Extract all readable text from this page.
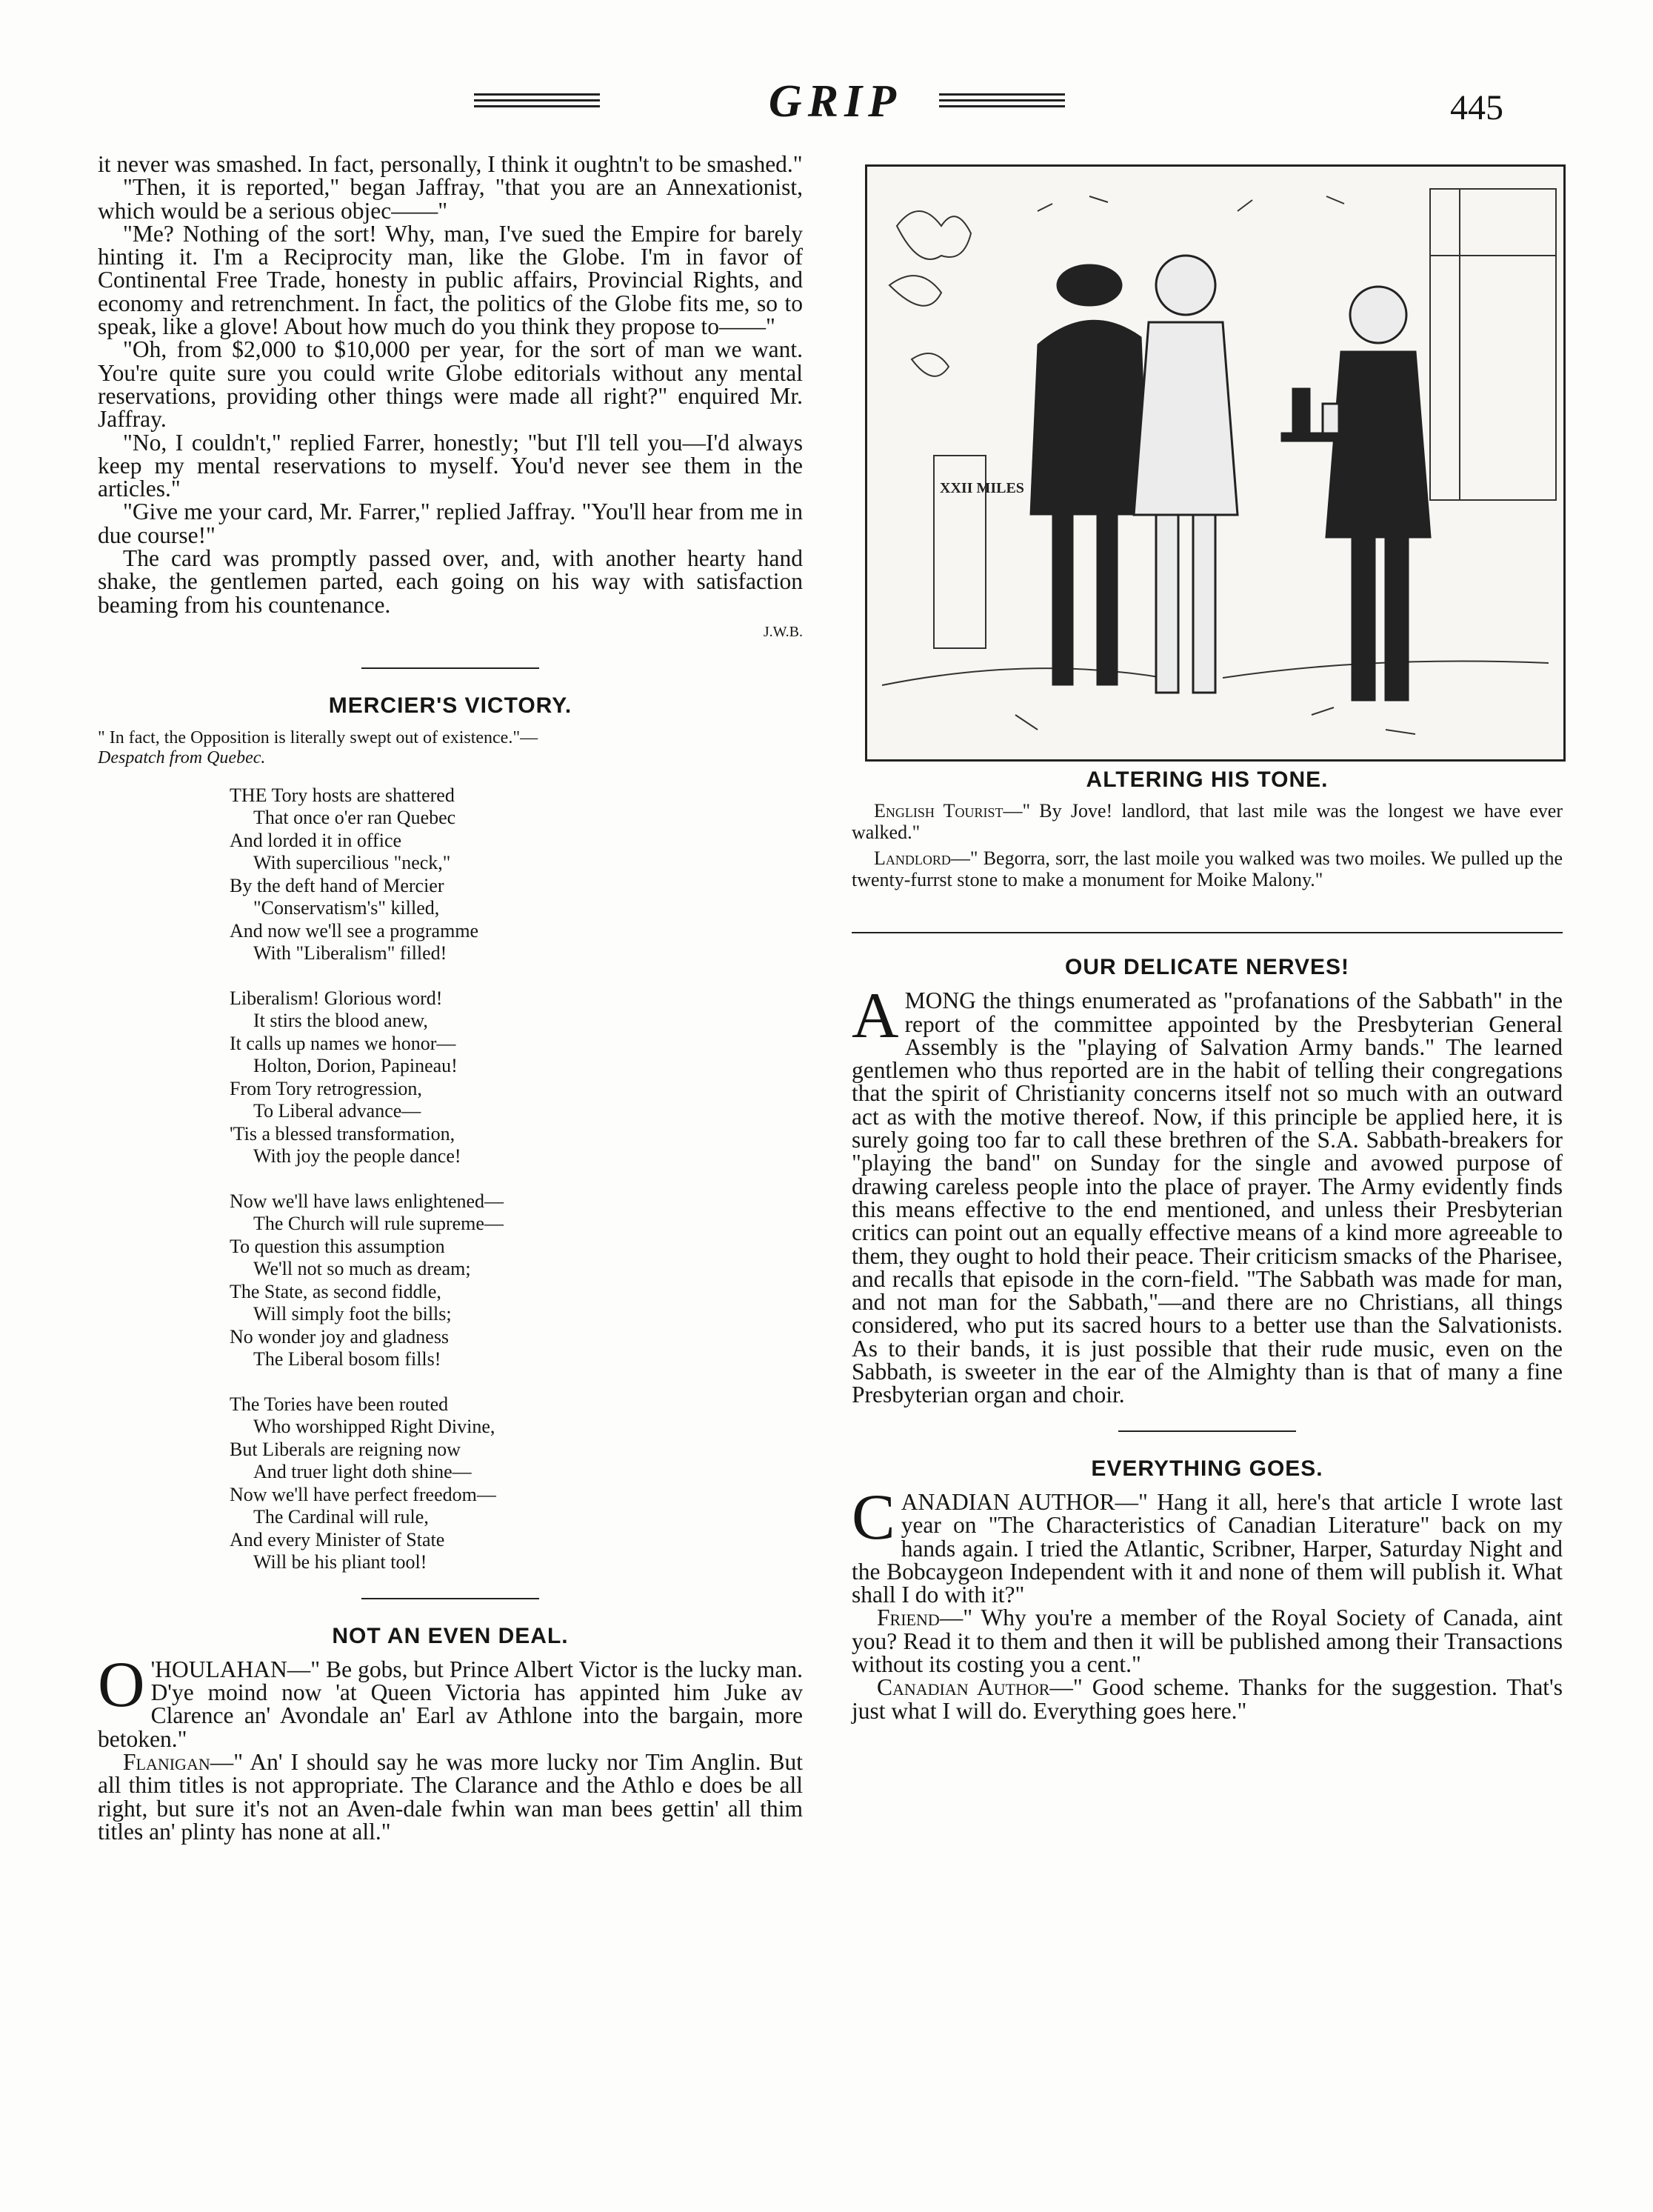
GRIP	445

it never was smashed. In fact, personally, I think it oughtn't to be smashed."

"Then, it is reported," began Jaffray, "that you are an Annexationist, which would be a serious objec——"

"Me? Nothing of the sort! Why, man, I've sued the Empire for barely hinting it. I'm a Reciprocity man, like the Globe. I'm in favor of Continental Free Trade, honesty in public affairs, Provincial Rights, and economy and retrenchment. In fact, the politics of the Globe fits me, so to speak, like a glove! About how much do you think they propose to——"

"Oh, from $2,000 to $10,000 per year, for the sort of man we want. You're quite sure you could write Globe editorials without any mental reservations, providing other things were made all right?" enquired Mr. Jaffray.

"No, I couldn't," replied Farrer, honestly; "but I'll tell you—I'd always keep my mental reservations to myself. You'd never see them in the articles."

"Give me your card, Mr. Farrer," replied Jaffray. "You'll hear from me in due course!"

The card was promptly passed over, and, with another hearty hand shake, the gentlemen parted, each going on his way with satisfaction beaming from his countenance.

J.W.B.
MERCIER'S VICTORY.
" In fact, the Opposition is literally swept out of existence."—
Despatch from Quebec.
THE Tory hosts are shattered
That once o'er ran Quebec
And lorded it in office
With supercilious "neck,"
By the deft hand of Mercier
"Conservatism's" killed,
And now we'll see a programme
With "Liberalism" filled!
Liberalism! Glorious word!
It stirs the blood anew,
It calls up names we honor—
Holton, Dorion, Papineau!
From Tory retrogression,
To Liberal advance—
'Tis a blessed transformation,
With joy the people dance!
Now we'll have laws enlightened—
The Church will rule supreme—
To question this assumption
We'll not so much as dream;
The State, as second fiddle,
Will simply foot the bills;
No wonder joy and gladness
The Liberal bosom fills!
The Tories have been routed
Who worshipped Right Divine,
But Liberals are reigning now
And truer light doth shine—
Now we'll have perfect freedom—
The Cardinal will rule,
And every Minister of State
Will be his pliant tool!
NOT AN EVEN DEAL.

O 'HOULAHAN—" Be gobs, but Prince Albert Victor is the lucky man. D'ye moind now 'at Queen Victoria has appinted him Juke av Clarence an' Avondale an' Earl av Athlone into the bargain, more betoken."

Flanigan—" An' I should say he was more lucky nor Tim Anglin. But all thim titles is not appropriate. The Clarance and the Athlo e does be all right, but sure it's not an Aven-dale fwhin wan man bees gettin' all thim titles an' plinty has none at all."

XXII MILES
ALTERING HIS TONE.

English Tourist—" By Jove! landlord, that last mile was the longest we have ever walked."

Landlord—" Begorra, sorr, the last moile you walked was two moiles. We pulled up the twenty-furrst stone to make a monument for Moike Malony."

OUR DELICATE NERVES!

AMONG the things enumerated as "profanations of the Sabbath" in the report of the committee appointed by the Presbyterian General Assembly is the "playing of Salvation Army bands." The learned gentlemen who thus reported are in the habit of telling their congregations that the spirit of Christianity concerns itself not so much with an outward act as with the motive thereof. Now, if this principle be applied here, it is surely going too far to call these brethren of the S.A. Sabbath-breakers for "playing the band" on Sunday for the single and avowed purpose of drawing careless people into the place of prayer. The Army evidently finds this means effective to the end mentioned, and unless their Presbyterian critics can point out an equally effective means of a kind more agreeable to them, they ought to hold their peace. Their criticism smacks of the Pharisee, and recalls that episode in the corn-field. "The Sabbath was made for man, and not man for the Sabbath,"—and there are no Christians, all things considered, who put its sacred hours to a better use than the Salvationists. As to their bands, it is just possible that their rude music, even on the Sabbath, is sweeter in the ear of the Almighty than is that of many a fine Presbyterian organ and choir.

EVERYTHING GOES.

CANADIAN AUTHOR—" Hang it all, here's that article I wrote last year on "The Characteristics of Canadian Literature" back on my hands again. I tried the Atlantic, Scribner, Harper, Saturday Night and the Bobcaygeon Independent with it and none of them will publish it. What shall I do with it?"

Friend—" Why you're a member of the Royal Society of Canada, aint you? Read it to them and then it will be published among their Transactions without its costing you a cent."

Canadian Author—" Good scheme. Thanks for the suggestion. That's just what I will do. Everything goes here."
